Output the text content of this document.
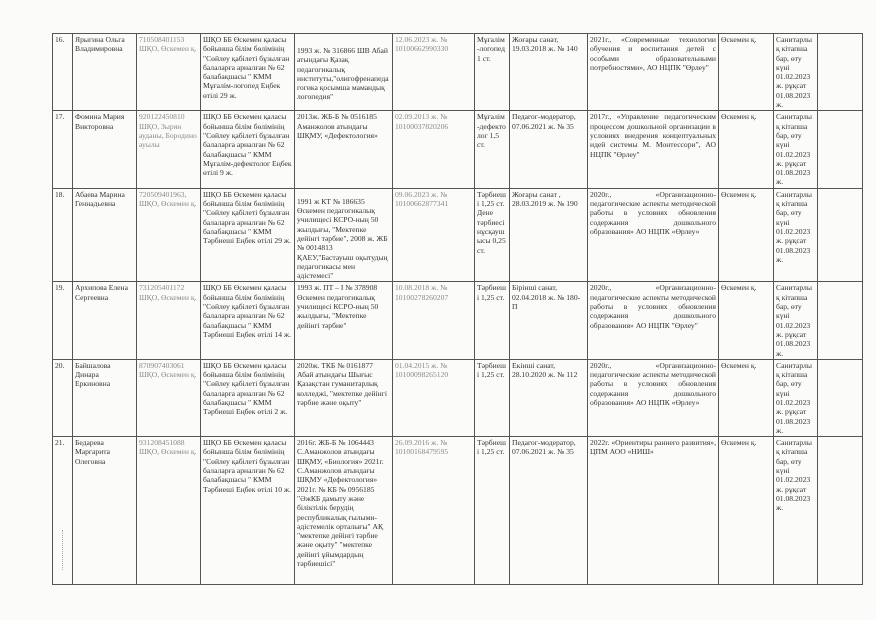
16.	Ярыгина Ольга Владимировна	710508401153 ШҚО, Өскемен қ.	ШҚО ББ Өскемен қаласы бойынша білім бөлімінің "Сөйлеу қабілеті бұзылған балаларға арналған № 62 балабақшасы " КММ Мұғалім-логопед Еңбек өтілі 29 ж.	1993 ж. № 316866 ШВ Абай атындағы Қазақ педагогикалық институты,"олигофренапедагогика қосымша мамандық логопедия"	12.06.2023 ж. № 10100662990330	Мұғалім-логопед 1 ст.	Жоғары санат, 19.03.2018 ж. № 140	2021г., «Современные технологии обучения и воспитания детей с особыми образовательными потребностями», АО НЦПК "Өрлеу"	Өскемен қ.	Санитарлық кітапша бар, өту күні 01.02.2023 ж. рұқсат 01.08.2023 ж.	
17.	Фомина Мария Викторовна	920122450810 ШҚО, Зырян ауданы, Бородино ауылы	ШҚО ББ Өскемен қаласы бойынша білім бөлімінің "Сөйлеу қабілеті бұзылған балаларға арналған № 62 балабақшасы " КММ Мұғалім-дефектолог Еңбек өтілі 9 ж.	2013ж. ЖБ-Б № 0516185 Аманжолов атындағы ШҚМУ, «Дефектология»	02.09.2013 ж. № 10100037820206	Мұғалім-дефектолог 1,5 ст.	Педагог-модератор, 07.06.2021 ж. № 35	2017г., «Управление педагогическим процессом дошкольной организации в условиях внедрения концептуальных идей системы М. Монтессори", АО НЦПК "Өрлеу"	Өскемен қ.	Санитарлық кітапша бар, өту күні 01.02.2023 ж. рұқсат 01.08.2023 ж.	
18.	Абаева Марина Геннадьевна	720509401963, ШҚО, Өскемен қ.	ШҚО ББ Өскемен қаласы бойынша білім бөлімінің "Сөйлеу қабілеті бұзылған балаларға арналған № 62 балабақшасы " КММ Тәрбиеші Еңбек өтілі 29 ж.	1991 ж КТ № 186635 Өскемен педагогикалық училищесі КСРО-ның 50 жылдығы, "Мектепке дейінгі тәрбие", 2008 ж. ЖБ № 0014813 ҚАЕУ,"Бастауыш оқытудың педагогикасы мен әдістемесі"	09.06.2023 ж. № 10100662877341	Тәрбиеші 1,25 ст. Дене тәрбиесі нұсқаушысы 0,25 ст.	Жоғары санат , 28.03.2019 ж. № 190	2020г., «Организационно-педагогические аспекты методической работы в условиях обновления содержания дошкольного образования» АО НЦПК «Өрлеу»	Өскемен қ.	Санитарлық кітапша бар, өту күні 01.02.2023 ж. рұқсат 01.08.2023 ж.	
19.	Архипова Елена Сергеевна	731205401172 ШҚО, Өскемен қ.	ШҚО ББ Өскемен қаласы бойынша білім бөлімінің "Сөйлеу қабілеті бұзылған балаларға арналған № 62 балабақшасы " КММ Тәрбиеші Еңбек өтілі 14 ж.	1993 ж. ПТ – I № 378908 Өскемен педагогикалық училищесі КСРО-ның 50 жылдығы, "Мектепке дейінгі тәрбие"	10.08.2018 ж. № 10100278260207	Тәрбиеші 1,25 ст.	Бірінші санат, 02.04.2018 ж. № 180-П	2020г., «Организационно-педагогические аспекты методической работы в условиях обновления содержания дошкольного образования» АО НЦПК "Өрлеу"	Өскемен қ.	Санитарлық кітапша бар, өту күні 01.02.2023 ж. рұқсат 01.08.2023 ж.	
20.	Байшалова Динара Еркиновна	870907403061 ШҚО, Өскемен қ.	ШҚО ББ Өскемен қаласы бойынша білім бөлімінің "Сөйлеу қабілеті бұзылған балаларға арналған № 62 балабақшасы " КММ Тәрбиеші Еңбек өтілі 2 ж.	2020ж. ТКБ № 0161877 Абай атындағы Шығыс Қазақстан гуманитарлық колледжі, "мектепке дейінгі тәрбие және оқыту"	01.04.2015 ж. № 10100098265120	Тәрбиеші 1,25 ст.	Екінші санат, 28.10.2020 ж. № 112	2020г., «Организационно-педагогические аспекты методической работы в условиях обновления содержания дошкольного образования» АО НЦПК «Өрлеу»	Өскемен қ.	Санитарлық кітапша бар, өту күні 01.02.2023 ж. рұқсат 01.08.2023 ж.	
21.	Бедарева Маргарита Олеговна	931208451088 ШҚО, Өскемен қ.	ШҚО ББ Өскемен қаласы бойынша білім бөлімінің "Сөйлеу қабілеті бұзылған балаларға арналған № 62 балабақшасы " КММ Тәрбиеші Еңбек өтілі 10 ж.	2016г. ЖБ-Б № 1064443 С.Аманжолов атындағы ШҚМУ, «Биология» 2021г. С.Аманжолов атындағы ШҚМУ «Дефектология» 2021г. № КБ № 0956185 "ӘжКБ дамыту және біліктілік берудің республикалық ғылыми-әдістемелік орталығы" АҚ "мектепке дейінгі тәрбие және оқыту" "мектепке дейінгі ұйымдардың тәрбиешісі"	26.09.2016 ж. № 10100168479595	Тәрбиеші 1,25 ст.	Педагог-модератор, 07.06.2021 ж. № 35	2022г. «Ориентиры раннего развития», ЦПМ АОО «НИШ»	Өскемен қ.	Санитарлық кітапша бар, өту күні 01.02.2023 ж. рұқсат 01.08.2023 ж.	
